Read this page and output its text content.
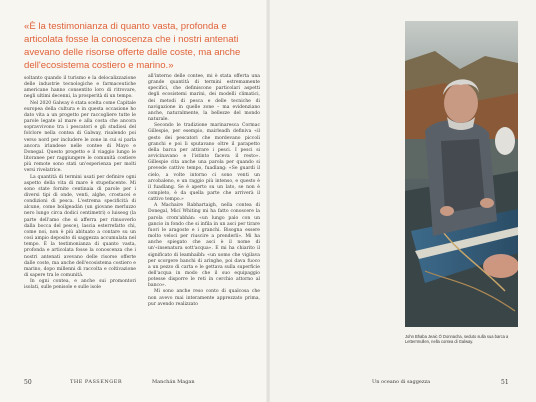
«È la testimonianza di quanto vasta, profonda e articolata fosse la conoscenza che i nostri antenati avevano delle risorse offerte dalle coste, ma anche dell'ecosistema costiero e marino.»

soltanto quando il turismo e la delocalizzazione delle industrie tecnologiche e farmaceutiche americane hanno consentito loro di ritrovare, negli ultimi decenni, la prosperità di un tempo.

Nel 2020 Galway è stata scelta come Capitale europea della cultura e in questa occasione ho dato vita a un progetto per raccogliere tutte le parole legate al mare e alla costa che ancora sopravvivono tra i pescatori e gli studiosi del folclore nella contea di Galway, risalendo poi verso nord per includere le zone in cui si parla ancora irlandese nelle contee di Mayo e Donegal. Questo progetto e il viaggio lungo le litoranee per raggiungere le comunità costiere più remote sono stati un'esperienza per molti versi rivelatrice.

La quantità di termini usati per definire ogni aspetto della vita di mare è stupefacente. Mi sono state fornite centinaia di parole per i diversi tipi di onde, venti, alghe, crostacei e condizioni di pesca. L'estrema specificità di alcune, come boilgeadán (un giovane merluzzo nero lungo circa dodici centimetri) o luiseog (la parte dell'amo che si afferra per rimuoverlo dalla bocca del pesce), lascia esterrefatto chi, come noi, non è più abituato a contare su un così ampio deposito di saggezza accumulata nel tempo. È la testimonianza di quanto vasta, profonda e articolata fosse la conoscenza che i nostri antenati avevano delle risorse offerte dalle coste, ma anche dell'ecosistema costiero e marino, dopo millenni di raccolta e coltivazione di sapere tra le comunità.

In ogni contea, e anche sui promontori isolati, sulle penisole e sulle isole

all'interno delle contee, mi è stata offerta una grande quantità di termini estremamente specifici, che definiscono particolari aspetti degli ecosistemi marini, dei modelli climatici, dei metodi di pesca e delle tecniche di navigazione in quelle zone – ma evidenziano anche, naturalmente, la bellezze del mondo naturale.

Secondo le tradizione marinaresca Cormac Gillespie, per esempio, mairleadh definiva «il gesto dei pescatori che mordevano piccoli granchi e poi li sputavano oltre il parapetto della barca per attirare i pesci. I pesci si avvicinavano e l'istinto faceva il resto». Gillespie cita anche una parola per quando si prevede cattivo tempo, fuadlang: «Se guardi il cielo, a volte intorno ci sono venti un arcobaleno, e un raggio più intenso, e questo è il fuadlang. Se è aperto su un lato, se non è completo, è da quella parte che arriverà il cattivo tempo.»

A Machaire Rabhartaigh, nella contea di Donegal, Micí Whiting mi ha fatto conoscere la parola crom'abhán: «un lungo palo con un gancio in fondo che si infila in un asci per tirare fuori le aragoste e i granchi. Bisogna essere molto veloci per riuscire a prenderli». Mi ha anche spiegato che asci è il nome di un'«insenatura sott'acqua». E mi ha chiarito il significato di leamhaibh: «un uomo che vigilava per scorgere banchi di aringhe, poi dava fuoco a un pezzo di carta e le gettava sulla superficie dell'acqua in modo che il suo equipaggio potesse disporre le reti in cerchio attorno al banco».

Mi sono anche reso conto di qualcosa che non avevo mai interamente apprezzato prima, pur avendo realizzato

John Bhaba Jeaic Ó Donnacha, seduto sulla sua barca a Letterrmullen, nella contea di Galway.
50	THE PASSENGER	Manchán Magan	Un oceano di saggezza	51
